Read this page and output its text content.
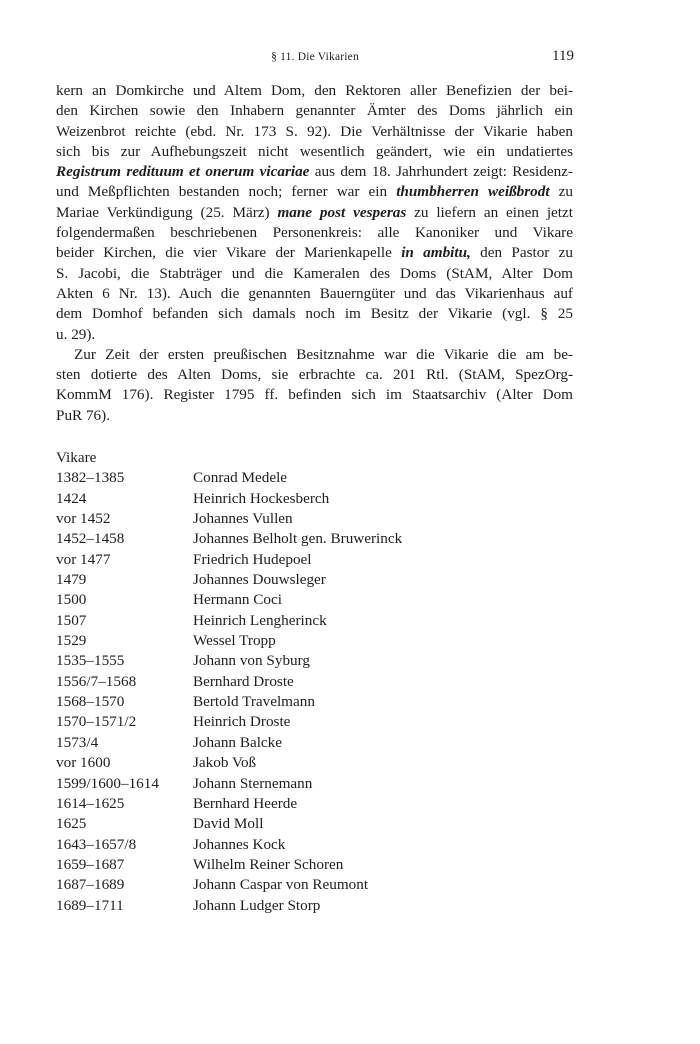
§ 11. Die Vikarien	119

kern an Domkirche und Altem Dom, den Rektoren aller Benefizien der bei-
den Kirchen sowie den Inhabern genannter Ämter des Doms jährlich ein
Weizenbrot reichte (ebd. Nr. 173 S. 92). Die Verhältnisse der Vikarie haben
sich bis zur Aufhebungszeit nicht wesentlich geändert, wie ein undatiertes
Registrum redituum et onerum vicariae aus dem 18. Jahrhundert zeigt: Residenz-
und Meßpflichten bestanden noch; ferner war ein thumbherren weißbrodt zu
Mariae Verkündigung (25. März) mane post vesperas zu liefern an einen jetzt
folgendermaßen beschriebenen Personenkreis: alle Kanoniker und Vikare
beider Kirchen, die vier Vikare der Marienkapelle in ambitu, den Pastor zu
S. Jacobi, die Stabträger und die Kameralen des Doms (StAM, Alter Dom
Akten 6 Nr. 13). Auch die genannten Bauerngüter und das Vikarienhaus auf
dem Domhof befanden sich damals noch im Besitz der Vikarie (vgl. § 25
u. 29).

Zur Zeit der ersten preußischen Besitznahme war die Vikarie die am be-
sten dotierte des Alten Doms, sie erbrachte ca. 201 Rtl. (StAM, SpezOrg-
KommM 176). Register 1795 ff. befinden sich im Staatsarchiv (Alter Dom
PuR 76).

Vikare
1382–1385	Conrad Medele
1424	Heinrich Hockesberch
vor 1452	Johannes Vullen
1452–1458	Johannes Belholt gen. Bruwerinck
vor 1477	Friedrich Hudepoel
1479	Johannes Douwsleger
1500	Hermann Coci
1507	Heinrich Lengherinck
1529	Wessel Tropp
1535–1555	Johann von Syburg
1556/7–1568	Bernhard Droste
1568–1570	Bertold Travelmann
1570–1571/2	Heinrich Droste
1573/4	Johann Balcke
vor 1600	Jakob Voß
1599/1600–1614	Johann Sternemann
1614–1625	Bernhard Heerde
1625	David Moll
1643–1657/8	Johannes Kock
1659–1687	Wilhelm Reiner Schoren
1687–1689	Johann Caspar von Reumont
1689–1711	Johann Ludger Storp
